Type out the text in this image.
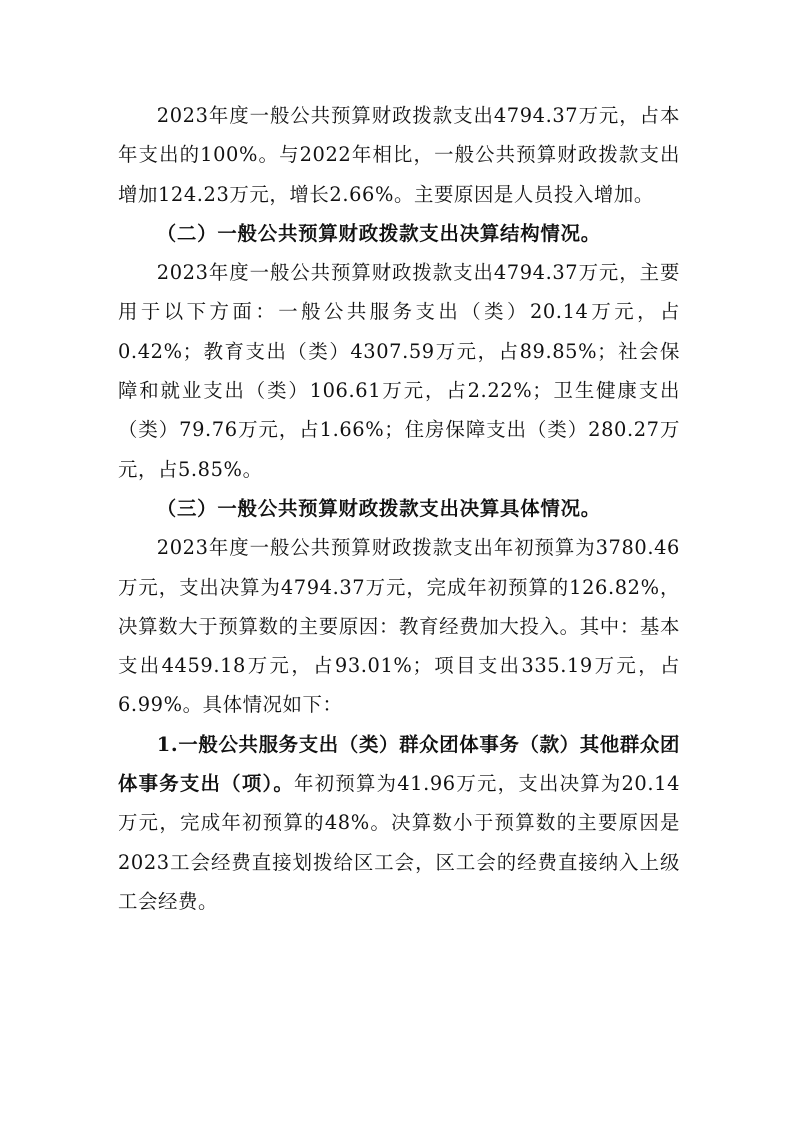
2023年度一般公共预算财政拨款支出4794.37万元，占本年支出的100%。与2022年相比，一般公共预算财政拨款支出增加124.23万元，增长2.66%。主要原因是人员投入增加。

（二）一般公共预算财政拨款支出决算结构情况。

2023年度一般公共预算财政拨款支出4794.37万元，主要用于以下方面：一般公共服务支出（类）20.14万元，占0.42%；教育支出（类）4307.59万元，占89.85%；社会保障和就业支出（类）106.61万元，占2.22%；卫生健康支出（类）79.76万元，占1.66%；住房保障支出（类）280.27万元，占5.85%。

（三）一般公共预算财政拨款支出决算具体情况。

2023年度一般公共预算财政拨款支出年初预算为3780.46万元，支出决算为4794.37万元，完成年初预算的126.82%，决算数大于预算数的主要原因：教育经费加大投入。其中：基本支出4459.18万元，占93.01%；项目支出335.19万元，占6.99%。具体情况如下：

1.一般公共服务支出（类）群众团体事务（款）其他群众团体事务支出（项）。年初预算为41.96万元，支出决算为20.14万元，完成年初预算的48%。决算数小于预算数的主要原因是2023工会经费直接划拨给区工会，区工会的经费直接纳入上级工会经费。
